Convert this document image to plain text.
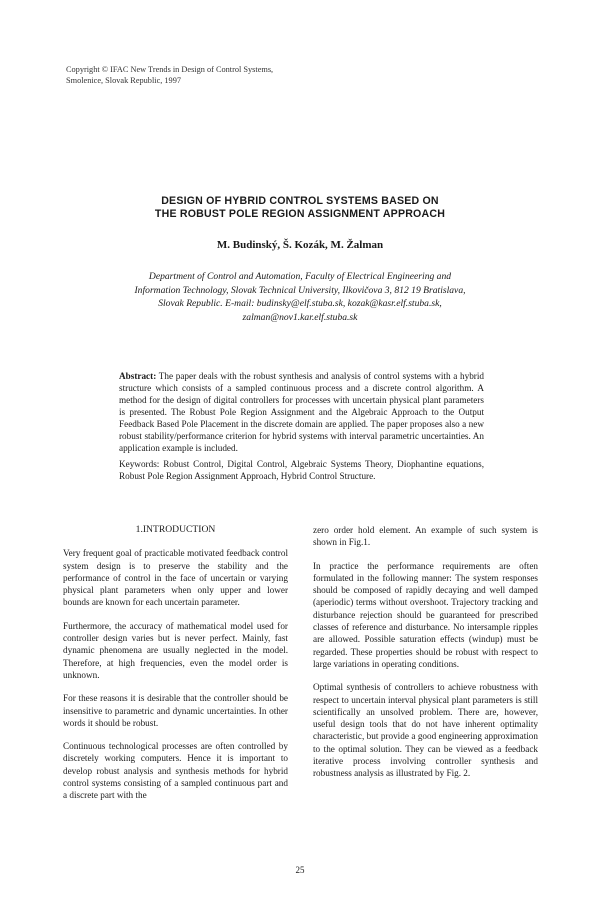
Copyright © IFAC New Trends in Design of Control Systems,
Smolenice, Slovak Republic, 1997
DESIGN OF HYBRID CONTROL SYSTEMS BASED ON
THE ROBUST POLE REGION ASSIGNMENT APPROACH
M. Budinský, Š. Kozák, M. Žalman
Department of Control and Automation, Faculty of Electrical Engineering and
Information Technology, Slovak Technical University, Ilkovičova 3, 812 19 Bratislava,
Slovak Republic. E-mail: budinsky@elf.stuba.sk, kozak@kasr.elf.stuba.sk,
zalman@nov1.kar.elf.stuba.sk
Abstract: The paper deals with the robust synthesis and analysis of control systems with a hybrid structure which consists of a sampled continuous process and a discrete control algorithm. A method for the design of digital controllers for processes with uncertain physical plant parameters is presented. The Robust Pole Region Assignment and the Algebraic Approach to the Output Feedback Based Pole Placement in the discrete domain are applied. The paper proposes also a new robust stability/performance criterion for hybrid systems with interval parametric uncertainties. An application example is included.
Keywords: Robust Control, Digital Control, Algebraic Systems Theory, Diophantine equations, Robust Pole Region Assignment Approach, Hybrid Control Structure.

1.INTRODUCTION

Very frequent goal of practicable motivated feedback control system design is to preserve the stability and the performance of control in the face of uncertain or varying physical plant parameters when only upper and lower bounds are known for each uncertain parameter.

Furthermore, the accuracy of mathematical model used for controller design varies but is never perfect. Mainly, fast dynamic phenomena are usually neglected in the model. Therefore, at high frequencies, even the model order is unknown.

For these reasons it is desirable that the controller should be insensitive to parametric and dynamic uncertainties. In other words it should be robust.

Continuous technological processes are often controlled by discretely working computers. Hence it is important to develop robust analysis and synthesis methods for hybrid control systems consisting of a sampled continuous part and a discrete part with the

zero order hold element. An example of such system is shown in Fig.1.

In practice the performance requirements are often formulated in the following manner: The system responses should be composed of rapidly decaying and well damped (aperiodic) terms without overshoot. Trajectory tracking and disturbance rejection should be guaranteed for prescribed classes of reference and disturbance. No intersample ripples are allowed. Possible saturation effects (windup) must be regarded. These properties should be robust with respect to large variations in operating conditions.

Optimal synthesis of controllers to achieve robustness with respect to uncertain interval physical plant parameters is still scientifically an unsolved problem. There are, however, useful design tools that do not have inherent optimality characteristic, but provide a good engineering approximation to the optimal solution. They can be viewed as a feedback iterative process involving controller synthesis and robustness analysis as illustrated by Fig. 2.

25
